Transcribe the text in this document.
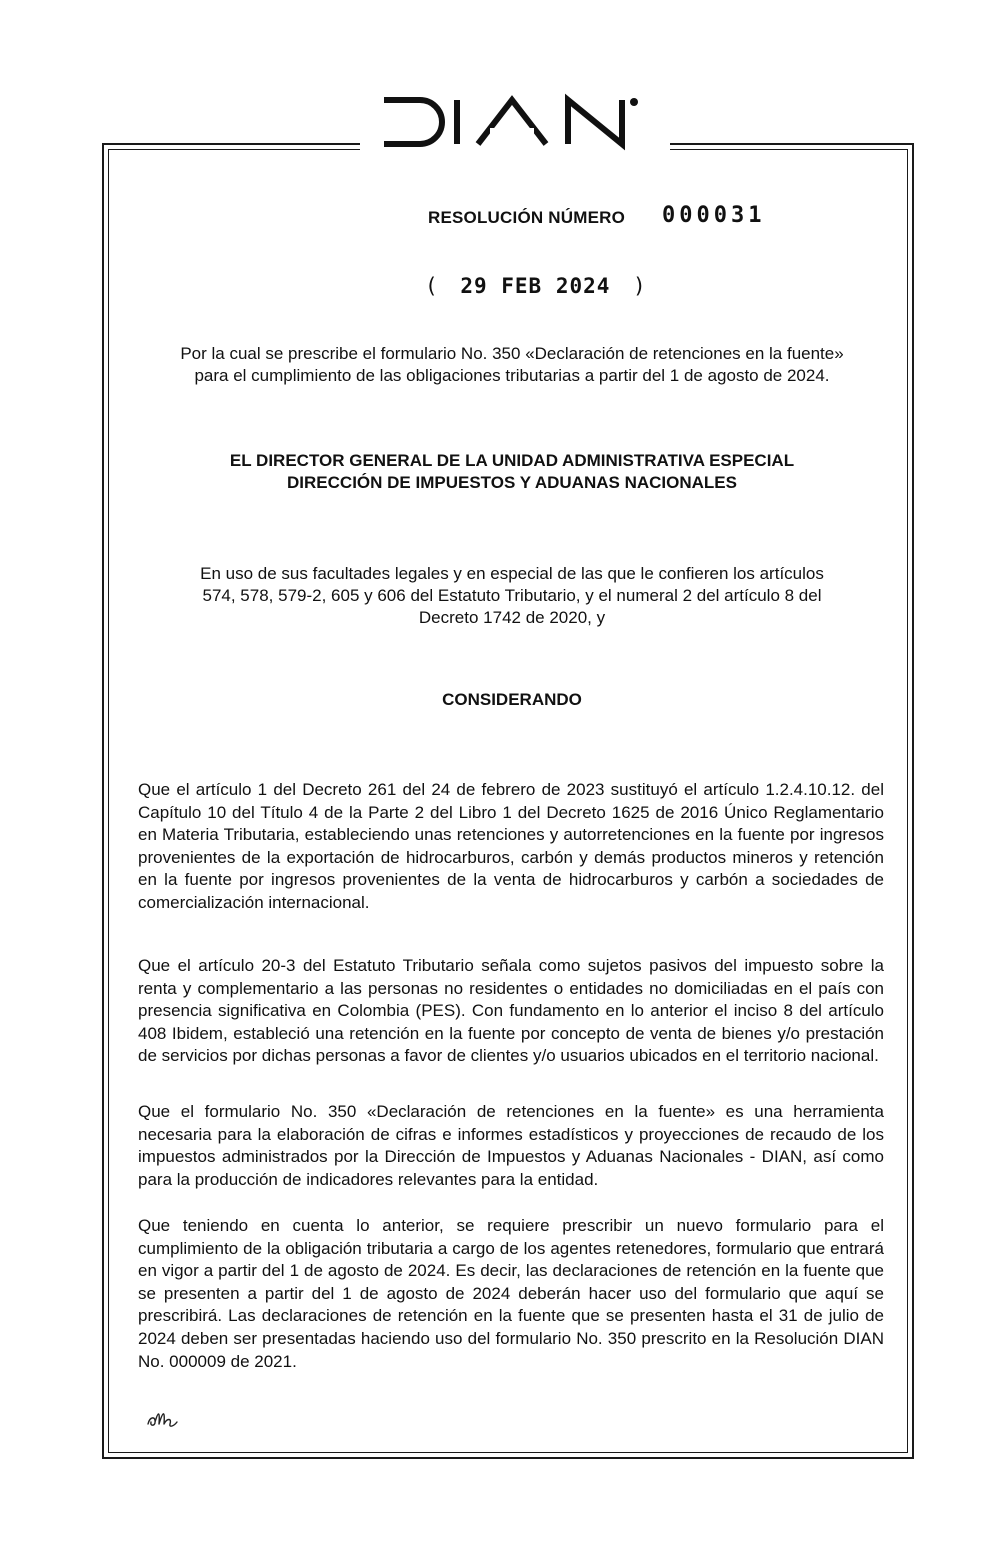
RESOLUCIÓN NÚMERO 000031
( 29 FEB 2024 )
Por la cual se prescribe el formulario No. 350 «Declaración de retenciones en la fuente»
para el cumplimiento de las obligaciones tributarias a partir del 1 de agosto de 2024.
EL DIRECTOR GENERAL DE LA UNIDAD ADMINISTRATIVA ESPECIAL
DIRECCIÓN DE IMPUESTOS Y ADUANAS NACIONALES
En uso de sus facultades legales y en especial de las que le confieren los artículos
574, 578, 579-2, 605 y 606 del Estatuto Tributario, y el numeral 2 del artículo 8 del
Decreto 1742 de 2020, y
CONSIDERANDO

Que el artículo 1 del Decreto 261 del 24 de febrero de 2023 sustituyó el artículo 1.2.4.10.12. del Capítulo 10 del Título 4 de la Parte 2 del Libro 1 del Decreto 1625 de 2016 Único Reglamentario en Materia Tributaria, estableciendo unas retenciones y autorretenciones en la fuente por ingresos provenientes de la exportación de hidrocarburos, carbón y demás productos mineros y retención en la fuente por ingresos provenientes de la venta de hidrocarburos y carbón a sociedades de comercialización internacional.

Que el artículo 20-3 del Estatuto Tributario señala como sujetos pasivos del impuesto sobre la renta y complementario a las personas no residentes o entidades no domiciliadas en el país con presencia significativa en Colombia (PES). Con fundamento en lo anterior el inciso 8 del artículo 408 Ibidem, estableció una retención en la fuente por concepto de venta de bienes y/o prestación de servicios por dichas personas a favor de clientes y/o usuarios ubicados en el territorio nacional.

Que el formulario No. 350 «Declaración de retenciones en la fuente» es una herramienta necesaria para la elaboración de cifras e informes estadísticos y proyecciones de recaudo de los impuestos administrados por la Dirección de Impuestos y Aduanas Nacionales - DIAN, así como para la producción de indicadores relevantes para la entidad.

Que teniendo en cuenta lo anterior, se requiere prescribir un nuevo formulario para el cumplimiento de la obligación tributaria a cargo de los agentes retenedores, formulario que entrará en vigor a partir del 1 de agosto de 2024. Es decir, las declaraciones de retención en la fuente que se presenten a partir del 1 de agosto de 2024 deberán hacer uso del formulario que aquí se prescribirá. Las declaraciones de retención en la fuente que se presenten hasta el 31 de julio de 2024 deben ser presentadas haciendo uso del formulario No. 350 prescrito en la Resolución DIAN No. 000009 de 2021.
